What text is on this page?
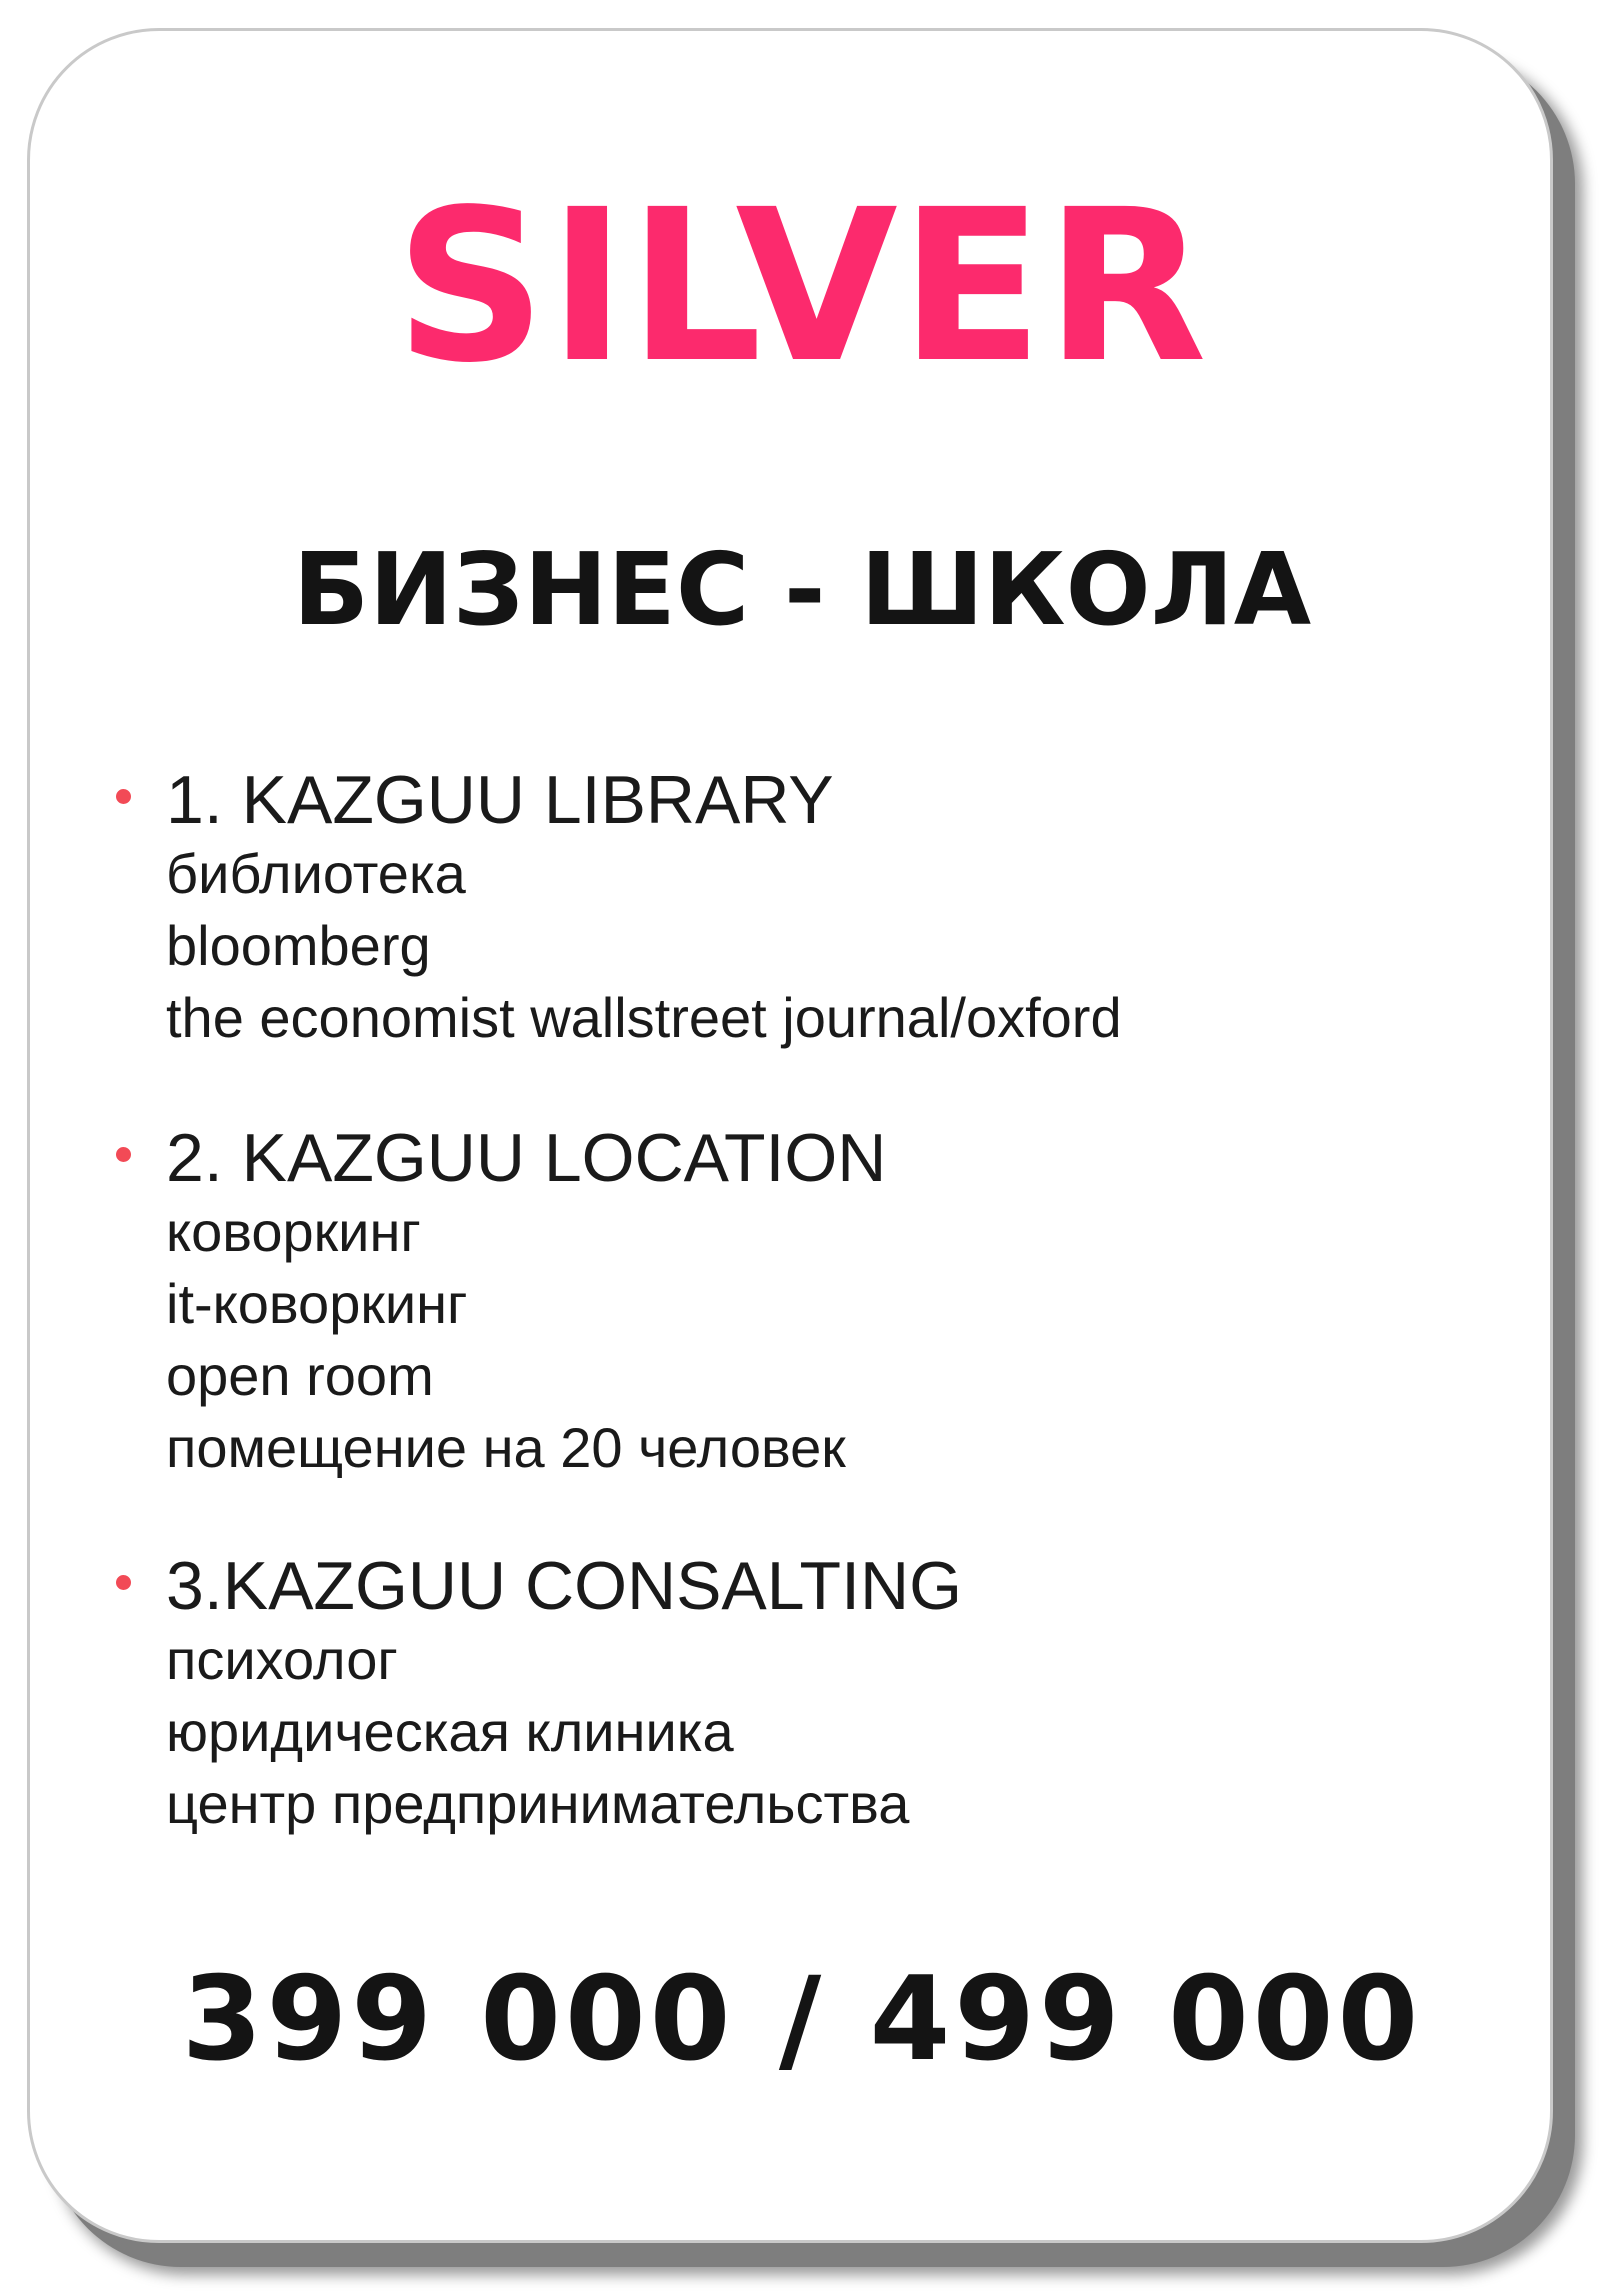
SILVER
БИЗНЕС - ШКОЛА
1. KAZGUU LIBRARY
библиотека
bloomberg
the economist wallstreet journal/oxford
2. KAZGUU LOCATION
коворкинг
it-коворкинг
open room
помещение на 20 человек
3.KAZGUU CONSALTING
психолог
юридическая клиника
центр предпринимательства

399 000 / 499 000
